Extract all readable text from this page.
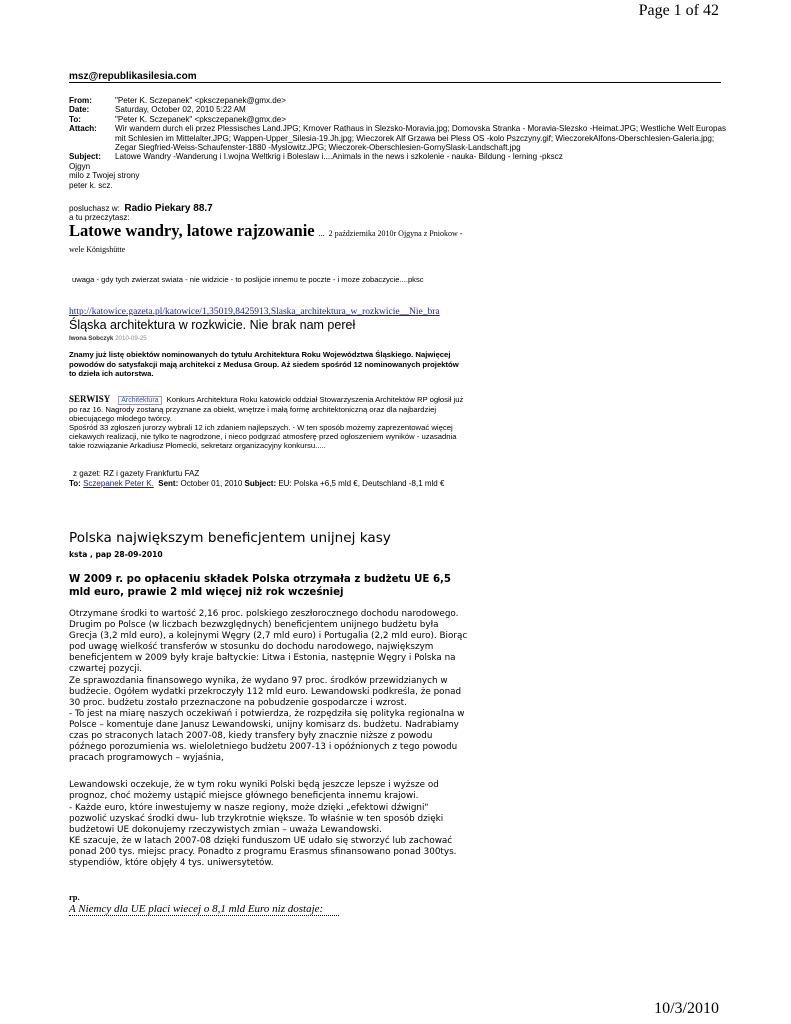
Page 1 of 42
msz@republikasilesia.com
From:	"Peter K. Sczepanek" <pksczepanek@gmx.de>
Date:	Saturday, October 02, 2010 5:22 AM
To:	"Peter K. Sczepanek" <pksczepanek@gmx.de>
Attach:	Wir wandern durch eli przez Plessisches Land.JPG; Krnover Rathaus in Slezsko-Moravia.jpg; Domovska Stranka - Moravia-Slezsko -Heimat.JPG; Westliche Welt Europas mit Schlesien im Mittelalter.JPG; Wappen-Upper_Silesia-19.Jh.jpg; Wieczorek Alf Grzawa bei Pless OS -kolo Pszczyny.gif; WieczorekAlfons-Oberschlesien-Galeria.jpg; Zegar Siegfried-Weiss-Schaufenster-1880 -Myslowitz.JPG; Wieczorek-Oberschlesien-GornySlask-Landschaft.jpg
Subject:	Latowe Wandry -Wanderung i I.wojna Weltkrig i Boleslaw i....Animals in the news i szkolenie - nauka- Bildung - lerning -pkscz
Ojgyn
milo z Twojej strony
peter k. scz.
posluchasz w: Radio Piekary 88.7
a tu przeczytasz:
Latowe wandry, latowe rajzowanie ... 2 października 2010r Ojgyna z Pniokow - wele Königshütte
uwaga - gdy tych zwierzat swiata - nie widzicie - to poslijcie innemu te poczte - i moze zobaczycie....pksc
http://katowice.gazeta.pl/katowice/1,35019,8425913,Slaska_architektura_w_rozkwicie__Nie_bra
Śląska architektura w rozkwicie. Nie brak nam pereł
Iwona Sobczyk 2010-09-25
Znamy już listę obiektów nominowanych do tytułu Architektura Roku Województwa Śląskiego. Najwięcej powodów do satysfakcji mają architekci z Medusa Group. Aż siedem spośród 12 nominowanych projektów to dzieła ich autorstwa.
SERWISY Architektura Konkurs Architektura Roku katowicki oddział Stowarzyszenia Architektów RP ogłosił już po raz 16. Nagrody zostaną przyznane za obiekt, wnętrze i małą formę architektoniczną oraz dla najbardziej obiecującego młodego twórcy.
Spośród 33 zgłoszeń jurorzy wybrali 12 ich zdaniem najlepszych. - W ten sposób możemy zaprezentować więcej ciekawych realizacji, nie tylko te nagrodzone, i nieco podgrzać atmosferę przed ogłoszeniem wyników - uzasadnia takie rozwiązanie Arkadiusz Płomecki, sekretarz organizacyjny konkursu.....
z gazet: RZ i gazety Frankfurtu FAZ
To: Sczepanek Peter K. Sent: October 01, 2010 Subject: EU: Polska +6,5 mld €, Deutschland -8,1 mld €
Polska największym beneficjentem unijnej kasy
ksta , pap 28-09-2010
W 2009 r. po opłaceniu składek Polska otrzymała z budżetu UE 6,5 mld euro, prawie 2 mld więcej niż rok wcześniej

Otrzymane środki to wartość 2,16 proc. polskiego zeszłorocznego dochodu narodowego. Drugim po Polsce (w liczbach bezwzględnych) beneficjentem unijnego budżetu była Grecja (3,2 mld euro), a kolejnymi Węgry (2,7 mld euro) i Portugalia (2,2 mld euro). Biorąc pod uwagę wielkość transferów w stosunku do dochodu narodowego, największym beneficjentem w 2009 były kraje bałtyckie: Litwa i Estonia, następnie Węgry i Polska na czwartej pozycji.

Ze sprawozdania finansowego wynika, że wydano 97 proc. środków przewidzianych w budżecie. Ogółem wydatki przekroczyły 112 mld euro. Lewandowski podkreśla, że ponad 30 proc. budżetu zostało przeznaczone na pobudzenie gospodarcze i wzrost.

- To jest na miarę naszych oczekiwań i potwierdza, że rozpędziła się polityka regionalna w Polsce – komentuje dane Janusz Lewandowski, unijny komisarz ds. budżetu. Nadrabiamy czas po straconych latach 2007-08, kiedy transfery były znacznie niższe z powodu późnego porozumienia ws. wieloletniego budżetu 2007-13 i opóźnionych z tego powodu pracach programowych – wyjaśnia,

Lewandowski oczekuje, że w tym roku wyniki Polski będą jeszcze lepsze i wyższe od prognoz, choć możemy ustąpić miejsce głównego beneficjenta innemu krajowi.

- Każde euro, które inwestujemy w nasze regiony, może dzięki „efektowi dźwigni" pozwolić uzyskać środki dwu- lub trzykrotnie większe. To właśnie w ten sposób dzięki budżetowi UE dokonujemy rzeczywistych zmian – uważa Lewandowski.

KE szacuje, że w latach 2007-08 dzięki funduszom UE udało się stworzyć lub zachować ponad 200 tys. miejsc pracy. Ponadto z programu Erasmus sfinansowano ponad 300tys. stypendiów, które objęły 4 tys. uniwersytetów.

rp.
A Niemcy dla UE placi wiecej o 8,1 mld Euro niz dostaje:
10/3/2010
